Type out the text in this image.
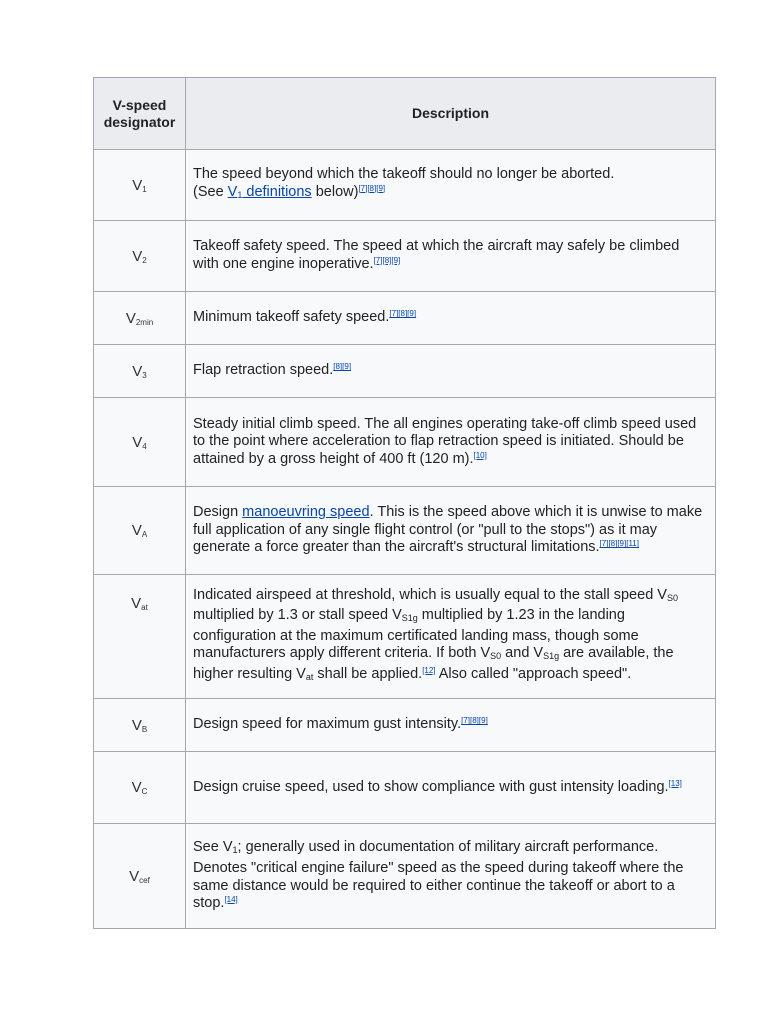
V-speed
designator	Description
$V_1$	The speed beyond which the takeoff should no longer be aborted.
(See V1 definitions below)[7][8][9]
$V_2$	Takeoff safety speed. The speed at which the aircraft may safely be climbed with one engine inoperative.[7][8][9]
$V_{2min}$	Minimum takeoff safety speed.[7][8][9]
$V_3$	Flap retraction speed.[8][9]
$V_4$	Steady initial climb speed. The all engines operating take-off climb speed used to the point where acceleration to flap retraction speed is initiated. Should be attained by a gross height of 400 ft (120 m).[10]
$V_A$	Design manoeuvring speed. This is the speed above which it is unwise to make full application of any single flight control (or "pull to the stops") as it may generate a force greater than the aircraft's structural limitations.[7][8][9][11]
$V_{at}$	Indicated airspeed at threshold, which is usually equal to the stall speed VS0 multiplied by 1.3 or stall speed VS1g multiplied by 1.23 in the landing configuration at the maximum certificated landing mass, though some manufacturers apply different criteria. If both VS0 and VS1g are available, the higher resulting Vat shall be applied.[12] Also called "approach speed".
$V_B$	Design speed for maximum gust intensity.[7][8][9]
$V_C$	Design cruise speed, used to show compliance with gust intensity loading.[13]
$V_{cef}$	See V1; generally used in documentation of military aircraft performance. Denotes "critical engine failure" speed as the speed during takeoff where the same distance would be required to either continue the takeoff or abort to a stop.[14]
